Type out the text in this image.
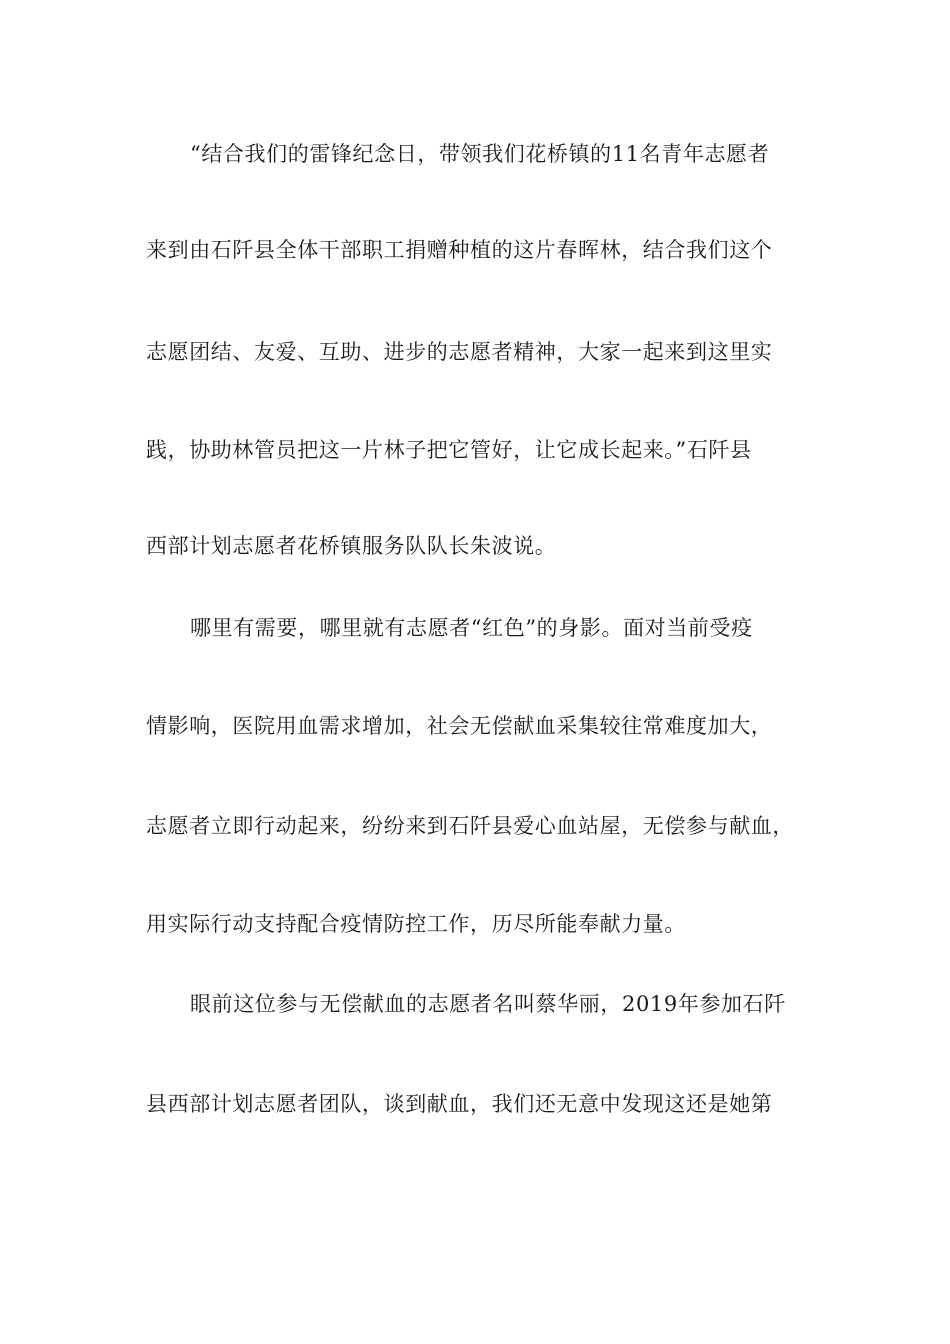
“结合我们的雷锋纪念日，带领我们花桥镇的11名青年志愿者
来到由石阡县全体干部职工捐赠种植的这片春晖林，结合我们这个
志愿团结、友爱、互助、进步的志愿者精神，大家一起来到这里实
践，协助林管员把这一片林子把它管好，让它成长起来。”石阡县
西部计划志愿者花桥镇服务队队长朱波说。
哪里有需要，哪里就有志愿者“红色”的身影。面对当前受疫
情影响，医院用血需求增加，社会无偿献血采集较往常难度加大，
志愿者立即行动起来，纷纷来到石阡县爱心血站屋，无偿参与献血，
用实际行动支持配合疫情防控工作，历尽所能奉献力量。
眼前这位参与无偿献血的志愿者名叫蔡华丽，2019年参加石阡
县西部计划志愿者团队，谈到献血，我们还无意中发现这还是她第
